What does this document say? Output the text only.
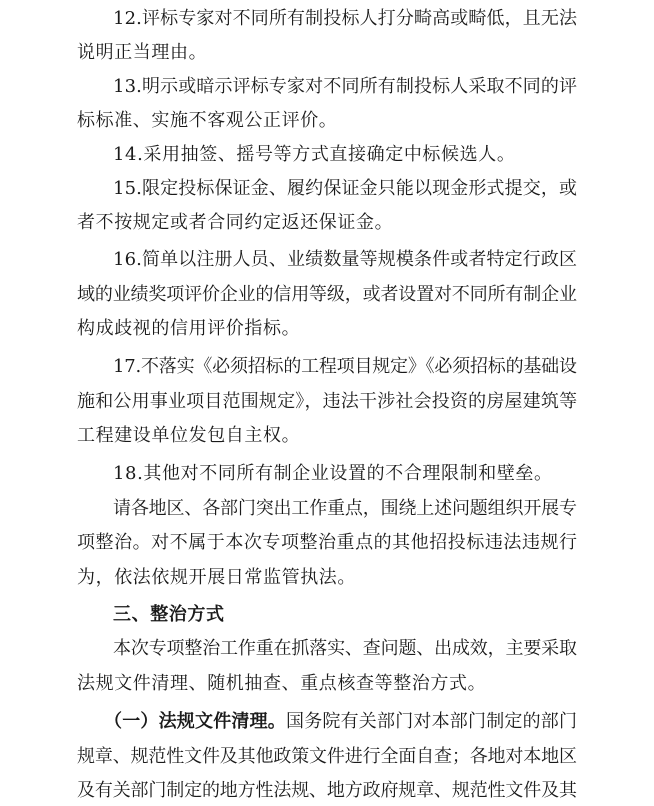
12.评标专家对不同所有制投标人打分畸高或畸低，且无法
说明正当理由。
13.明示或暗示评标专家对不同所有制投标人采取不同的评
标标准、实施不客观公正评价。
14.采用抽签、摇号等方式直接确定中标候选人。
15.限定投标保证金、履约保证金只能以现金形式提交，或
者不按规定或者合同约定返还保证金。
16.简单以注册人员、业绩数量等规模条件或者特定行政区
域的业绩奖项评价企业的信用等级，或者设置对不同所有制企业
构成歧视的信用评价指标。
17.不落实《必须招标的工程项目规定》《必须招标的基础设
施和公用事业项目范围规定》，违法干涉社会投资的房屋建筑等
工程建设单位发包自主权。
18.其他对不同所有制企业设置的不合理限制和壁垒。
请各地区、各部门突出工作重点，围绕上述问题组织开展专
项整治。对不属于本次专项整治重点的其他招投标违法违规行
为，依法依规开展日常监管执法。
三、整治方式
本次专项整治工作重在抓落实、查问题、出成效，主要采取
法规文件清理、随机抽查、重点核查等整治方式。
（一）法规文件清理。国务院有关部门对本部门制定的部门
规章、规范性文件及其他政策文件进行全面自查；各地对本地区
及有关部门制定的地方性法规、地方政府规章、规范性文件及其
